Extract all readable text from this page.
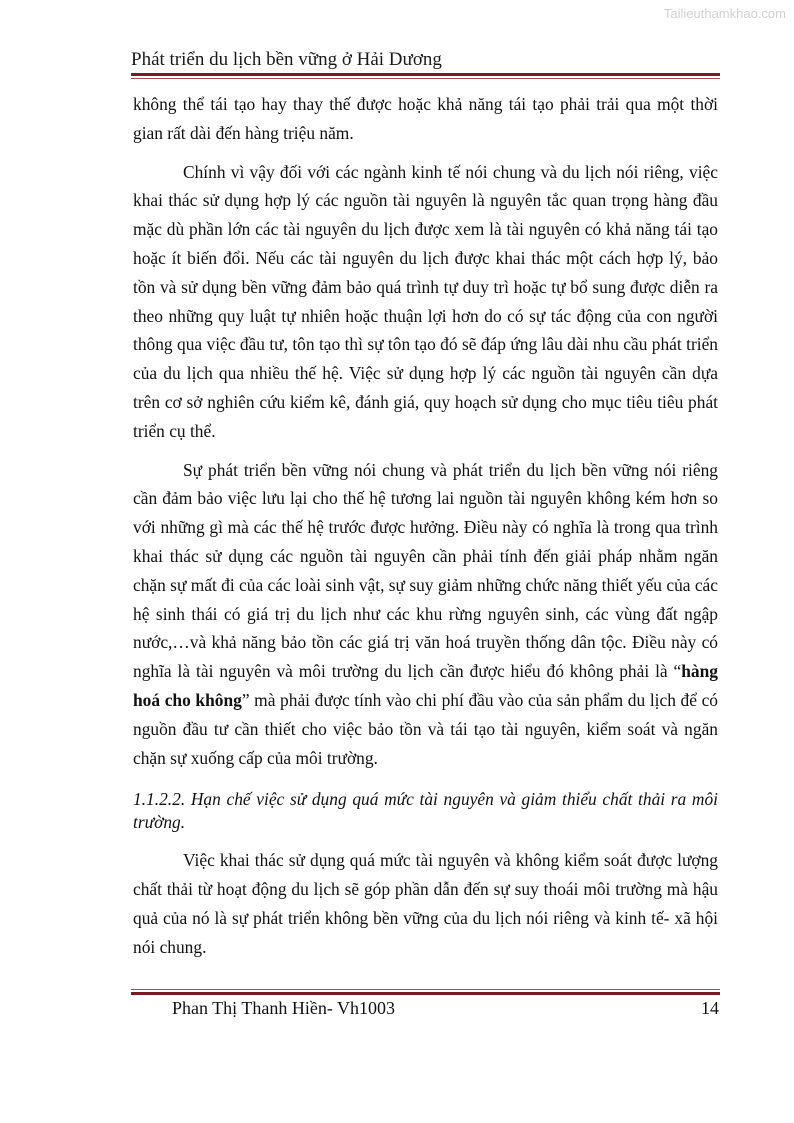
Tailieuthamkhao.com
Phát triển du lịch bền vững ở Hải Dương

không thể tái tạo hay thay thế được hoặc khả năng tái tạo phải trải qua một thời gian rất dài đến hàng triệu năm.

Chính vì vậy đối với các ngành kinh tế nói chung và du lịch nói riêng, việc khai thác sử dụng hợp lý các nguồn tài nguyên là nguyên tắc quan trọng hàng đầu mặc dù phần lớn các tài nguyên du lịch được xem là tài nguyên có khả năng tái tạo hoặc ít biến đổi. Nếu các tài nguyên du lịch được khai thác một cách hợp lý, bảo tồn và sử dụng bền vững đảm bảo quá trình tự duy trì hoặc tự bổ sung được diễn ra theo những quy luật tự nhiên hoặc thuận lợi hơn do có sự tác động của con người thông qua việc đầu tư, tôn tạo thì sự tôn tạo đó sẽ đáp ứng lâu dài nhu cầu phát triển của du lịch qua nhiều thế hệ. Việc sử dụng hợp lý các nguồn tài nguyên cần dựa trên cơ sở nghiên cứu kiểm kê, đánh giá, quy hoạch sử dụng cho mục tiêu tiêu phát triển cụ thể.

Sự phát triển bền vững nói chung và phát triển du lịch bền vững nói riêng cần đảm bảo việc lưu lại cho thế hệ tương lai nguồn tài nguyên không kém hơn so với những gì mà các thế hệ trước được hưởng. Điều này có nghĩa là trong qua trình khai thác sử dụng các nguồn tài nguyên cần phải tính đến giải pháp nhằm ngăn chặn sự mất đi của các loài sinh vật, sự suy giảm những chức năng thiết yếu của các hệ sinh thái có giá trị du lịch như các khu rừng nguyên sinh, các vùng đất ngập nước,…và khả năng bảo tồn các giá trị văn hoá truyền thống dân tộc. Điều này có nghĩa là tài nguyên và môi trường du lịch cần được hiểu đó không phải là “hàng hoá cho không” mà phải được tính vào chi phí đầu vào của sản phẩm du lịch để có nguồn đầu tư cần thiết cho việc bảo tồn và tái tạo tài nguyên, kiểm soát và ngăn chặn sự xuống cấp của môi trường.

1.1.2.2. Hạn chế việc sử dụng quá mức tài nguyên và giảm thiểu chất thải ra môi trường.

Việc khai thác sử dụng quá mức tài nguyên và không kiểm soát được lượng chất thải từ hoạt động du lịch sẽ góp phần dẫn đến sự suy thoái môi trường mà hậu quả của nó là sự phát triển không bền vững của du lịch nói riêng và kinh tế- xã hội nói chung.

Phan Thị Thanh Hiền- Vh1003	14
